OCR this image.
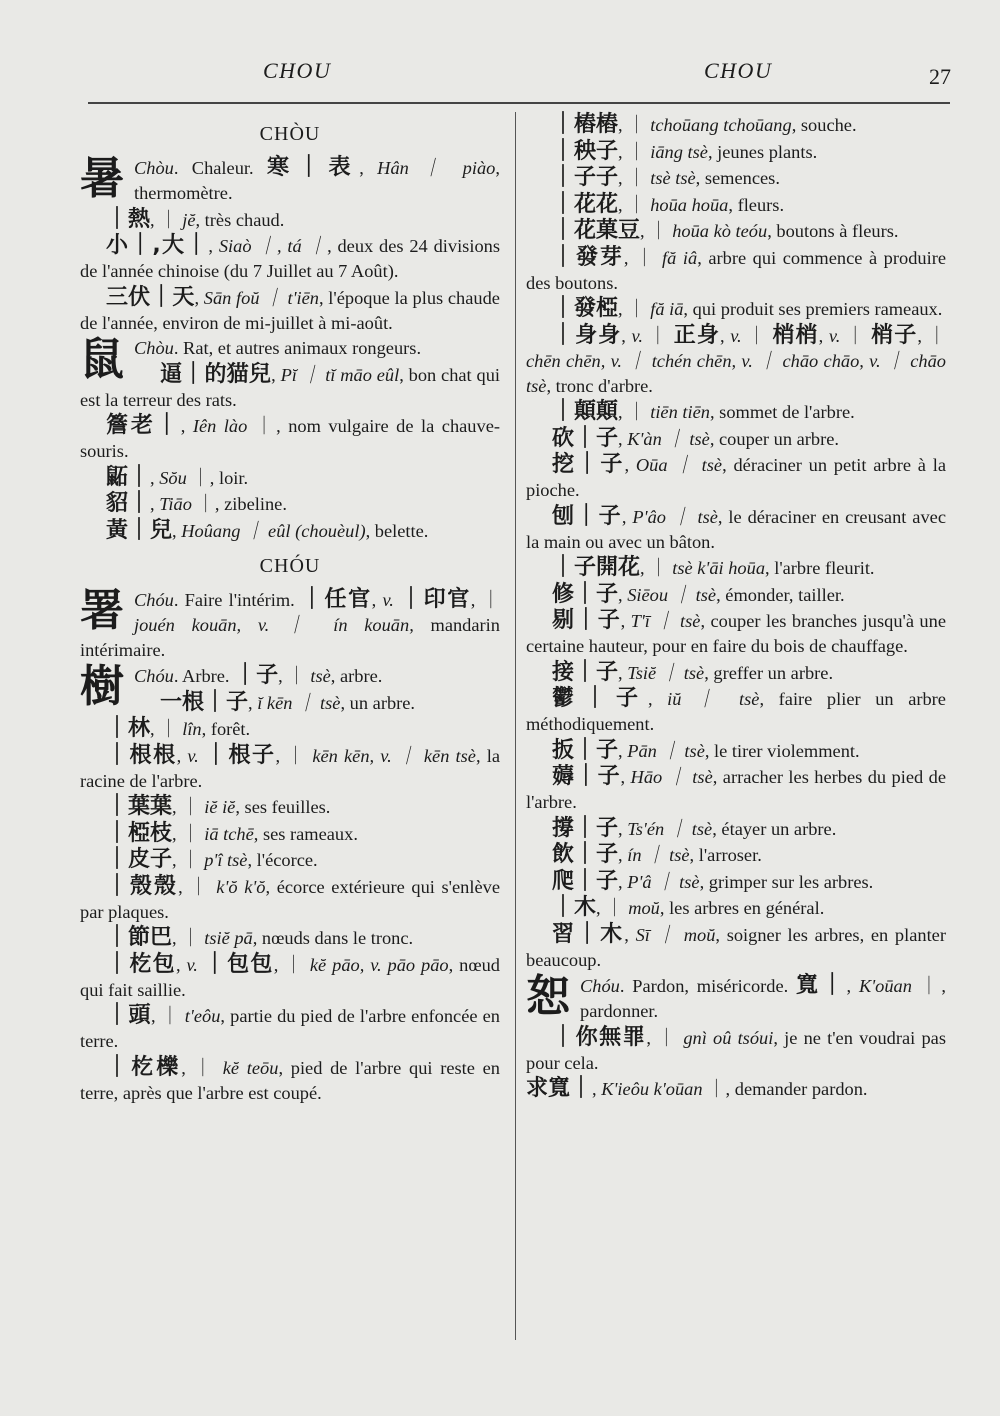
CHOU	CHOU	27
CHÒU

暑 Chòu. Chaleur. 寒｜表, Hân ｜ piào, thermomètre.

｜熱, ｜ jĕ, très chaud.

小｜,大｜, Siaò ｜, tá ｜, deux des 24 divisions de l'année chinoise (du 7 Juillet au 7 Août).

三伏｜天, Sān foŭ ｜ t'iēn, l'époque la plus chaude de l'année, environ de mi-juillet à mi-août.

鼠 Chòu. Rat, et autres animaux rongeurs.

逼｜的猫兒, Pĭ ｜ tĭ māo eûl, bon chat qui est la terreur des rats.

簷老｜, Iên lào ｜, nom vulgaire de la chauve-souris.

鼫｜, Sŏu ｜, loir.

貂｜, Tiāo ｜, zibeline.

黃｜兒, Hoûang ｜ eûl (chouèul), belette.

CHÓU

署 Chóu. Faire l'intérim. ｜任官, v. ｜印官, ｜ jouén kouān, v. ｜ ín kouān, mandarin intérimaire.

樹 Chóu. Arbre. ｜子, ｜ tsè, arbre.

一根｜子, ĭ kēn ｜ tsè, un arbre.

｜林, ｜ lîn, forêt.

｜根根, v. ｜根子, ｜ kēn kēn, v. ｜ kēn tsè, la racine de l'arbre.

｜葉葉, ｜ iĕ iĕ, ses feuilles.

｜椏枝, ｜ iā tchē, ses rameaux.

｜皮子, ｜ p'î tsè, l'écorce.

｜殼殼, ｜ k'ŏ k'ŏ, écorce extérieure qui s'enlève par plaques.

｜節巴, ｜ tsiĕ pā, nœuds dans le tronc.

｜杚包, v. ｜包包, ｜ kĕ pāo, v. pāo pāo, nœud qui fait saillie.

｜頭, ｜ t'eôu, partie du pied de l'arbre enfoncée en terre.

｜杚櫟, ｜ kĕ teōu, pied de l'arbre qui reste en terre, après que l'arbre est coupé.

｜樁樁, ｜ tchoūang tchoūang, souche.

｜秧子, ｜ iāng tsè, jeunes plants.

｜子子, ｜ tsè tsè, semences.

｜花花, ｜ hoūa hoūa, fleurs.

｜花菓豆, ｜ hoūa kò teóu, boutons à fleurs.

｜發芽, ｜ fă iâ, arbre qui commence à produire des boutons.

｜發椏, ｜ fă iā, qui produit ses premiers rameaux.

｜身身, v. ｜ 正身, v. ｜ 梢梢, v. ｜ 梢子, ｜ chēn chēn, v. ｜ tchén chēn, v. ｜ chāo chāo, v. ｜ chāo tsè, tronc d'arbre.

｜顛顛, ｜ tiēn tiēn, sommet de l'arbre.

砍｜子, K'àn ｜ tsè, couper un arbre.

挖｜子, Oūa ｜ tsè, déraciner un petit arbre à la pioche.

刨｜子, P'âo ｜ tsè, le déraciner en creusant avec la main ou avec un bâton.

｜子開花, ｜ tsè k'āi hoūa, l'arbre fleurit.

修｜子, Siēou ｜ tsè, émonder, tailler.

剔｜子, T'ī ｜ tsè, couper les branches jusqu'à une certaine hauteur, pour en faire du bois de chauffage.

接｜子, Tsiĕ ｜ tsè, greffer un arbre.

鬱｜子, iŭ ｜ tsè, faire plier un arbre méthodiquement.

扳｜子, Pān ｜ tsè, le tirer violemment.

薅｜子, Hāo ｜ tsè, arracher les herbes du pied de l'arbre.

撐｜子, Ts'én ｜ tsè, étayer un arbre.

飲｜子, ín ｜ tsè, l'arroser.

爬｜子, P'â ｜ tsè, grimper sur les arbres.

｜木, ｜ moŭ, les arbres en général.

習｜木, Sī ｜ moŭ, soigner les arbres, en planter beaucoup.

恕 Chóu. Pardon, miséricorde. 寬｜, K'oūan ｜, pardonner.

｜你無罪, ｜ gnì oû tsóui, je ne t'en voudrai pas pour cela.

求寬｜, K'ieôu k'oūan ｜, demander pardon.
